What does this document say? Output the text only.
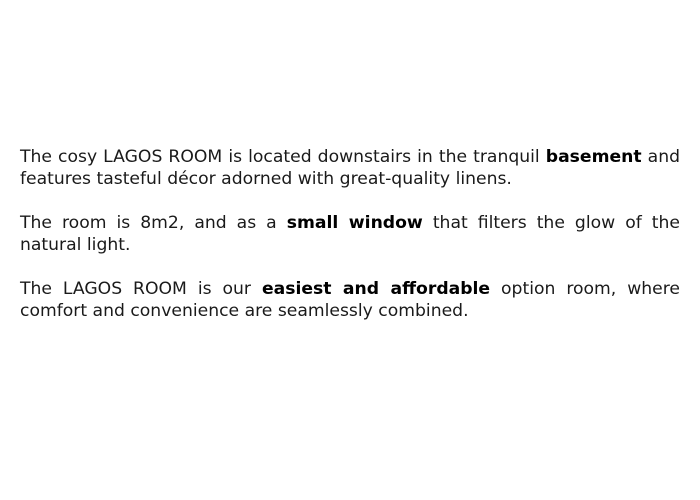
The cosy LAGOS ROOM is located downstairs in the tranquil basement and features tasteful décor adorned with great-quality linens.

The room is 8m2, and as a small window that filters the glow of the natural light.

The LAGOS ROOM is our easiest and affordable option room, where comfort and convenience are seamlessly combined.
